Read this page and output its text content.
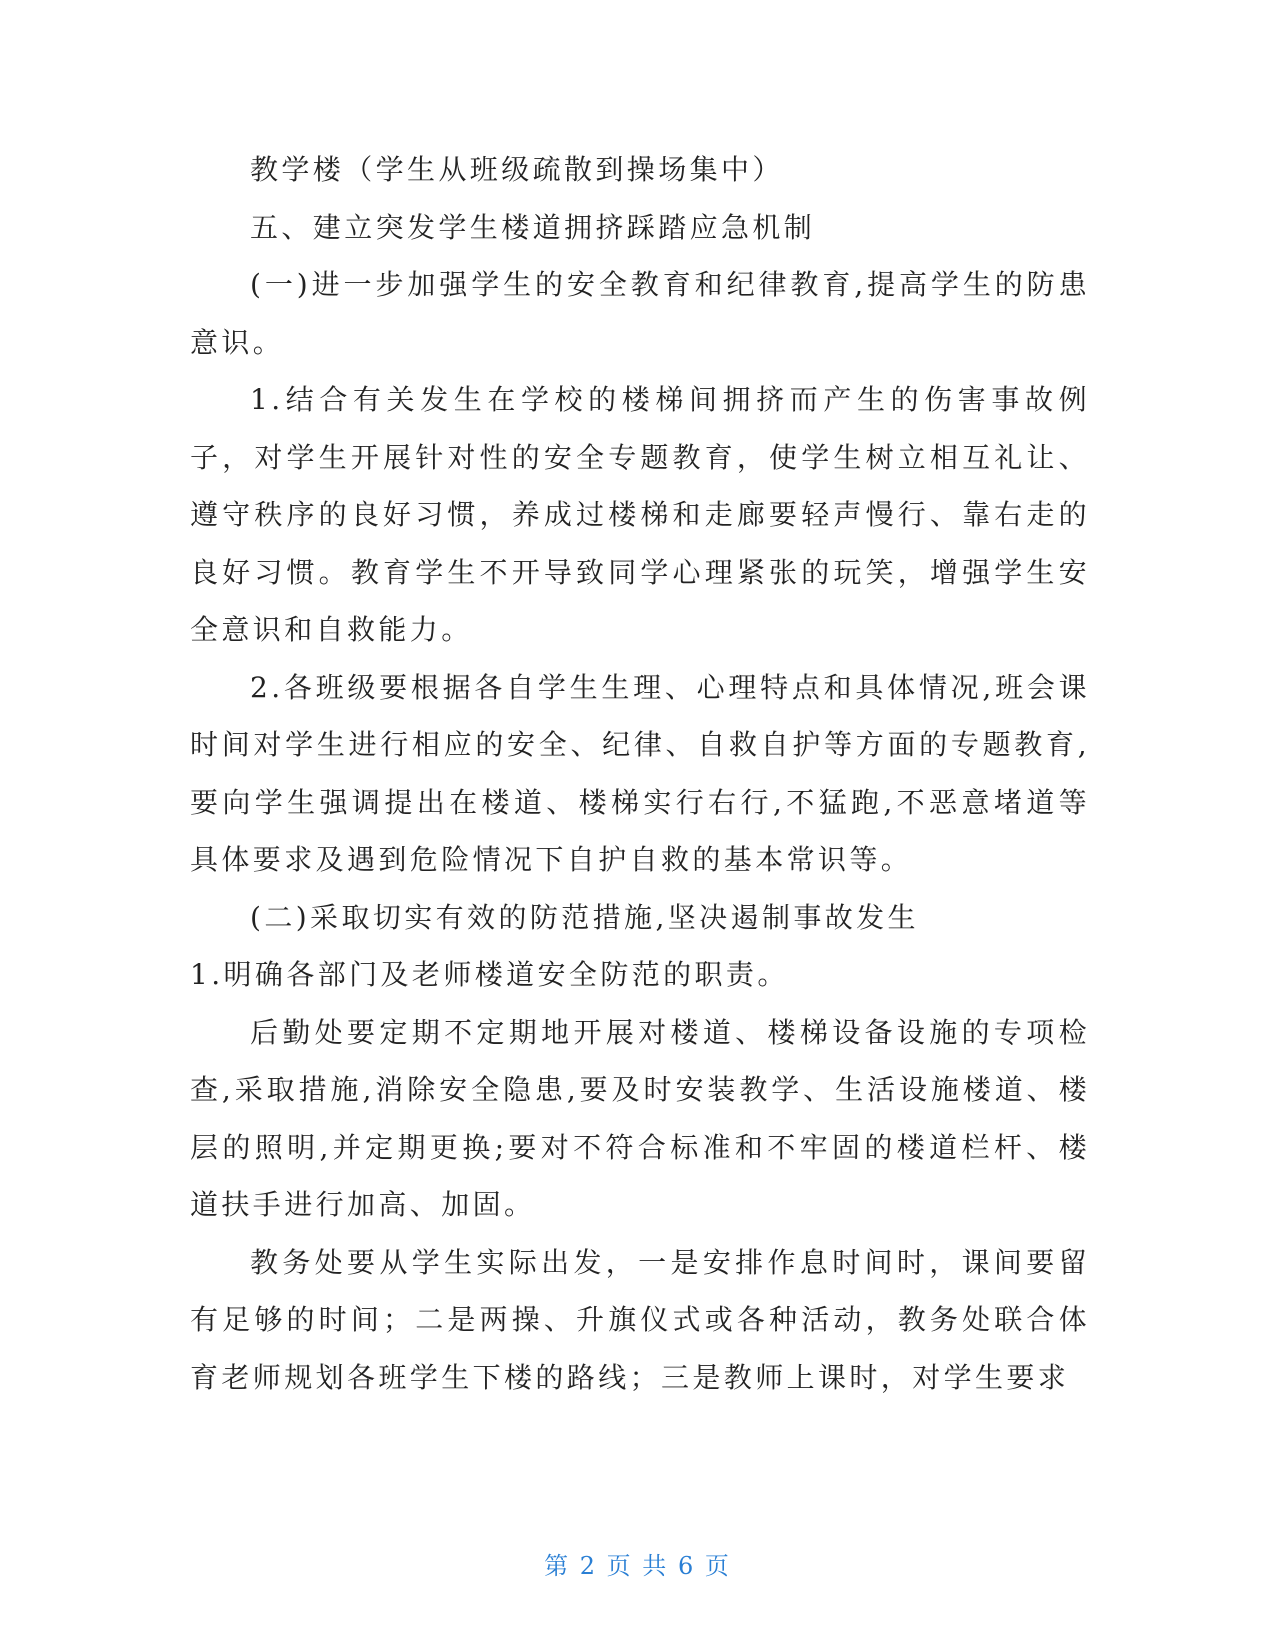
教学楼（学生从班级疏散到操场集中）

五、建立突发学生楼道拥挤踩踏应急机制

(一)进一步加强学生的安全教育和纪律教育,提高学生的防患意识。

1.结合有关发生在学校的楼梯间拥挤而产生的伤害事故例子，对学生开展针对性的安全专题教育，使学生树立相互礼让、遵守秩序的良好习惯，养成过楼梯和走廊要轻声慢行、靠右走的良好习惯。教育学生不开导致同学心理紧张的玩笑，增强学生安全意识和自救能力。

2.各班级要根据各自学生生理、心理特点和具体情况,班会课时间对学生进行相应的安全、纪律、自救自护等方面的专题教育,要向学生强调提出在楼道、楼梯实行右行,不猛跑,不恶意堵道等具体要求及遇到危险情况下自护自救的基本常识等。

(二)采取切实有效的防范措施,坚决遏制事故发生

1.明确各部门及老师楼道安全防范的职责。

后勤处要定期不定期地开展对楼道、楼梯设备设施的专项检查,采取措施,消除安全隐患,要及时安装教学、生活设施楼道、楼层的照明,并定期更换;要对不符合标准和不牢固的楼道栏杆、楼道扶手进行加高、加固。

教务处要从学生实际出发，一是安排作息时间时，课间要留有足够的时间；二是两操、升旗仪式或各种活动，教务处联合体育老师规划各班学生下楼的路线；三是教师上课时，对学生要求

第 2 页 共 6 页
